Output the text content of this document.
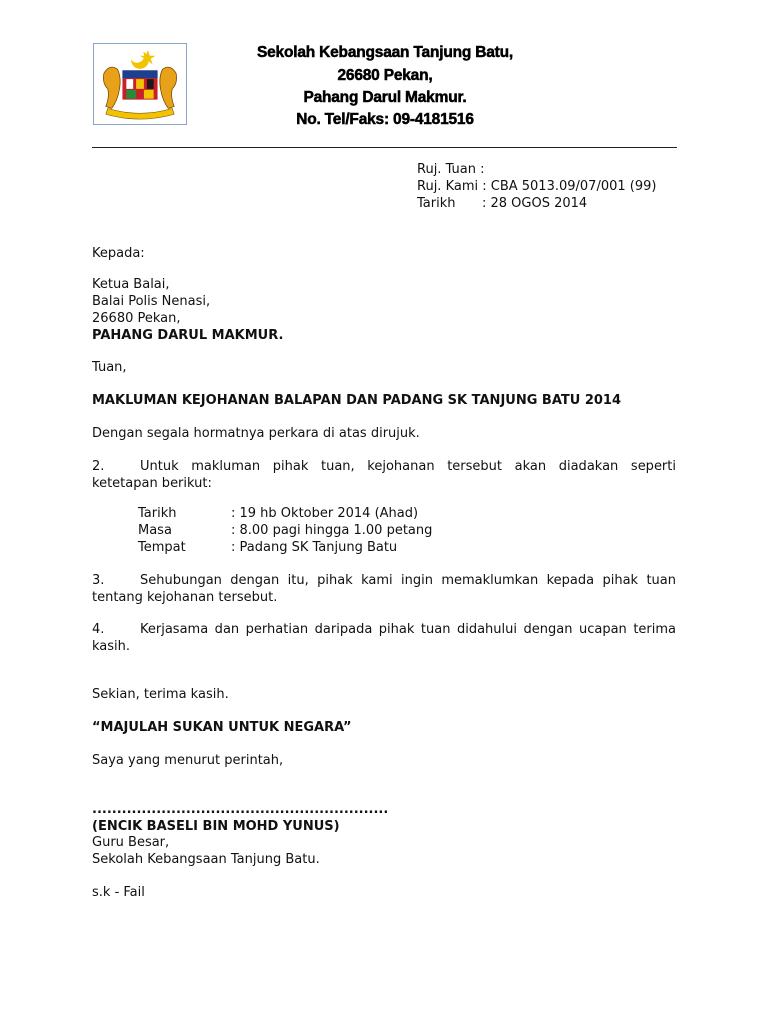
Sekolah Kebangsaan Tanjung Batu,
26680 Pekan,
Pahang Darul Makmur.
No. Tel/Faks: 09-4181516
Ruj. Tuan :
Ruj. Kami : CBA 5013.09/07/001 (99)
Tarikh : 28 OGOS 2014
Kepada:
Ketua Balai,
Balai Polis Nenasi,
26680 Pekan,
PAHANG DARUL MAKMUR.
Tuan,
MAKLUMAN KEJOHANAN BALAPAN DAN PADANG SK TANJUNG BATU 2014
Dengan segala hormatnya perkara di atas dirujuk.
2.	Untuk makluman pihak tuan, kejohanan tersebut akan diadakan seperti ketetapan berikut:
Tarikh	: 19 hb Oktober 2014 (Ahad)
Masa	: 8.00 pagi hingga 1.00 petang
Tempat	: Padang SK Tanjung Batu
3.	Sehubungan dengan itu, pihak kami ingin memaklumkan kepada pihak tuan tentang kejohanan tersebut.
4.	Kerjasama dan perhatian daripada pihak tuan didahului dengan ucapan terima kasih.
Sekian, terima kasih.
“MAJULAH SUKAN UNTUK NEGARA”
Saya yang menurut perintah,
............................................................
(ENCIK BASELI BIN MOHD YUNUS)
Guru Besar,
Sekolah Kebangsaan Tanjung Batu.
s.k - Fail
